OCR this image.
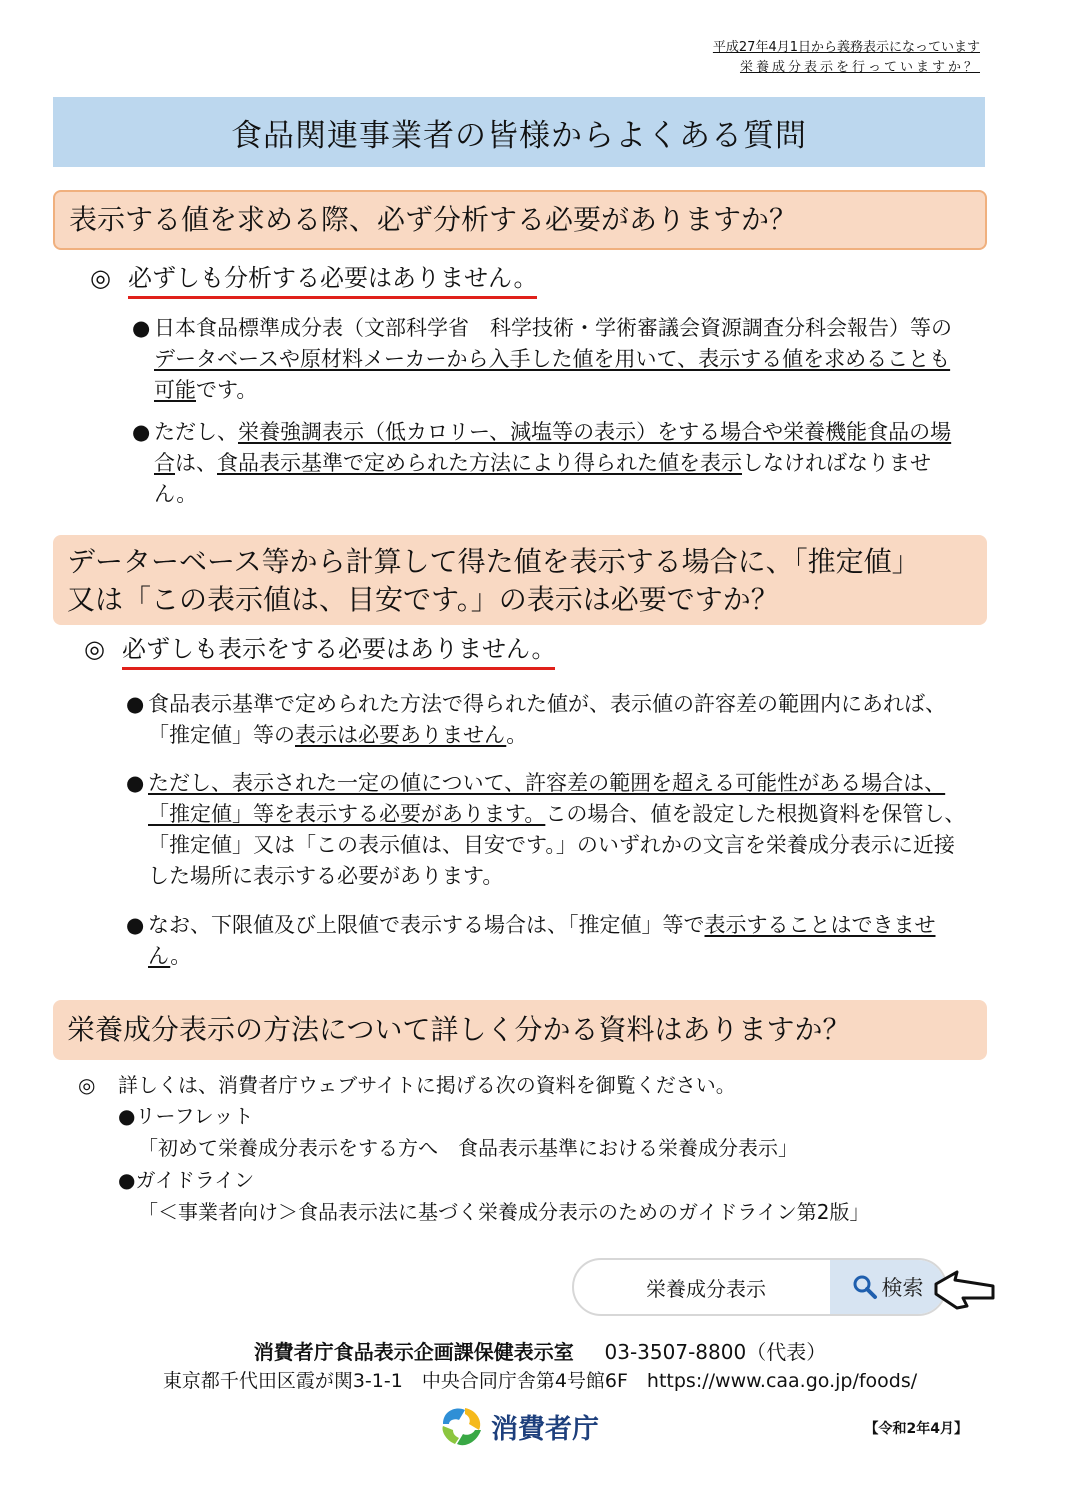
平成27年4月1日から義務表示になっています
栄養成分表示を行っていますか？
食品関連事業者の皆様からよくある質問
表示する値を求める際、必ず分析する必要がありますか？
◎ 必ずしも分析する必要はありません。
● 日本食品標準成分表（文部科学省　科学技術・学術審議会資源調査分科会報告）等のデータベースや原材料メーカーから入手した値を用いて、表示する値を求めることも可能です。
● ただし、栄養強調表示（低カロリー、減塩等の表示）をする場合や栄養機能食品の場合は、食品表示基準で定められた方法により得られた値を表示しなければなりません。
データーベース等から計算して得た値を表示する場合に、「推定値」
又は「この表示値は、目安です。」の表示は必要ですか？
◎ 必ずしも表示をする必要はありません。
● 食品表示基準で定められた方法で得られた値が、表示値の許容差の範囲内にあれば、「推定値」等の表示は必要ありません。
● ただし、表示された一定の値について、許容差の範囲を超える可能性がある場合は、「推定値」等を表示する必要があります。この場合、値を設定した根拠資料を保管し、「推定値」又は「この表示値は、目安です。」のいずれかの文言を栄養成分表示に近接した場所に表示する必要があります。
● なお、下限値及び上限値で表示する場合は、「推定値」等で表示することはできません。
栄養成分表示の方法について詳しく分かる資料はありますか？
◎	詳しくは、消費者庁ウェブサイトに掲げる次の資料を御覧ください。
●リーフレット
「初めて栄養成分表示をする方へ　食品表示基準における栄養成分表示」
●ガイドライン
「＜事業者向け＞食品表示法に基づく栄養成分表示のためのガイドライン第2版」
栄養成分表示	検索
消費者庁食品表示企画課保健表示室 03-3507-8800（代表）
東京都千代田区霞が関3-1-1　中央合同庁舎第4号館6F　https://www.caa.go.jp/foods/
消費者庁	【令和2年4月】
